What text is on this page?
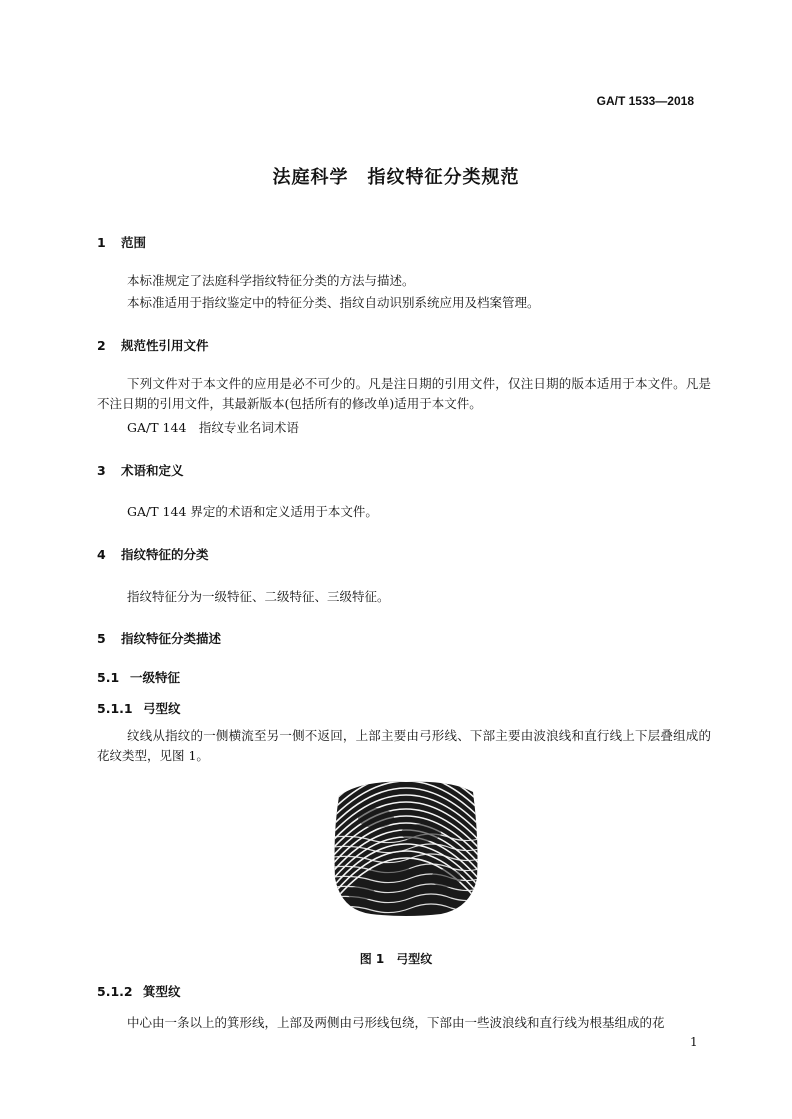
GA/T 1533—2018
法庭科学　指纹特征分类规范
1 范围
本标准规定了法庭科学指纹特征分类的方法与描述。
本标准适用于指纹鉴定中的特征分类、指纹自动识别系统应用及档案管理。
2 规范性引用文件
下列文件对于本文件的应用是必不可少的。凡是注日期的引用文件，仅注日期的版本适用于本文件。凡是不注日期的引用文件，其最新版本(包括所有的修改单)适用于本文件。
GA/T 144　指纹专业名词术语
3 术语和定义
GA/T 144 界定的术语和定义适用于本文件。
4 指纹特征的分类
指纹特征分为一级特征、二级特征、三级特征。
5 指纹特征分类描述
5.1 一级特征
5.1.1 弓型纹
纹线从指纹的一侧横流至另一侧不返回，上部主要由弓形线、下部主要由波浪线和直行线上下层叠组成的花纹类型，见图 1。
图 1　弓型纹
5.1.2 箕型纹
中心由一条以上的箕形线，上部及两侧由弓形线包绕，下部由一些波浪线和直行线为根基组成的花
1
